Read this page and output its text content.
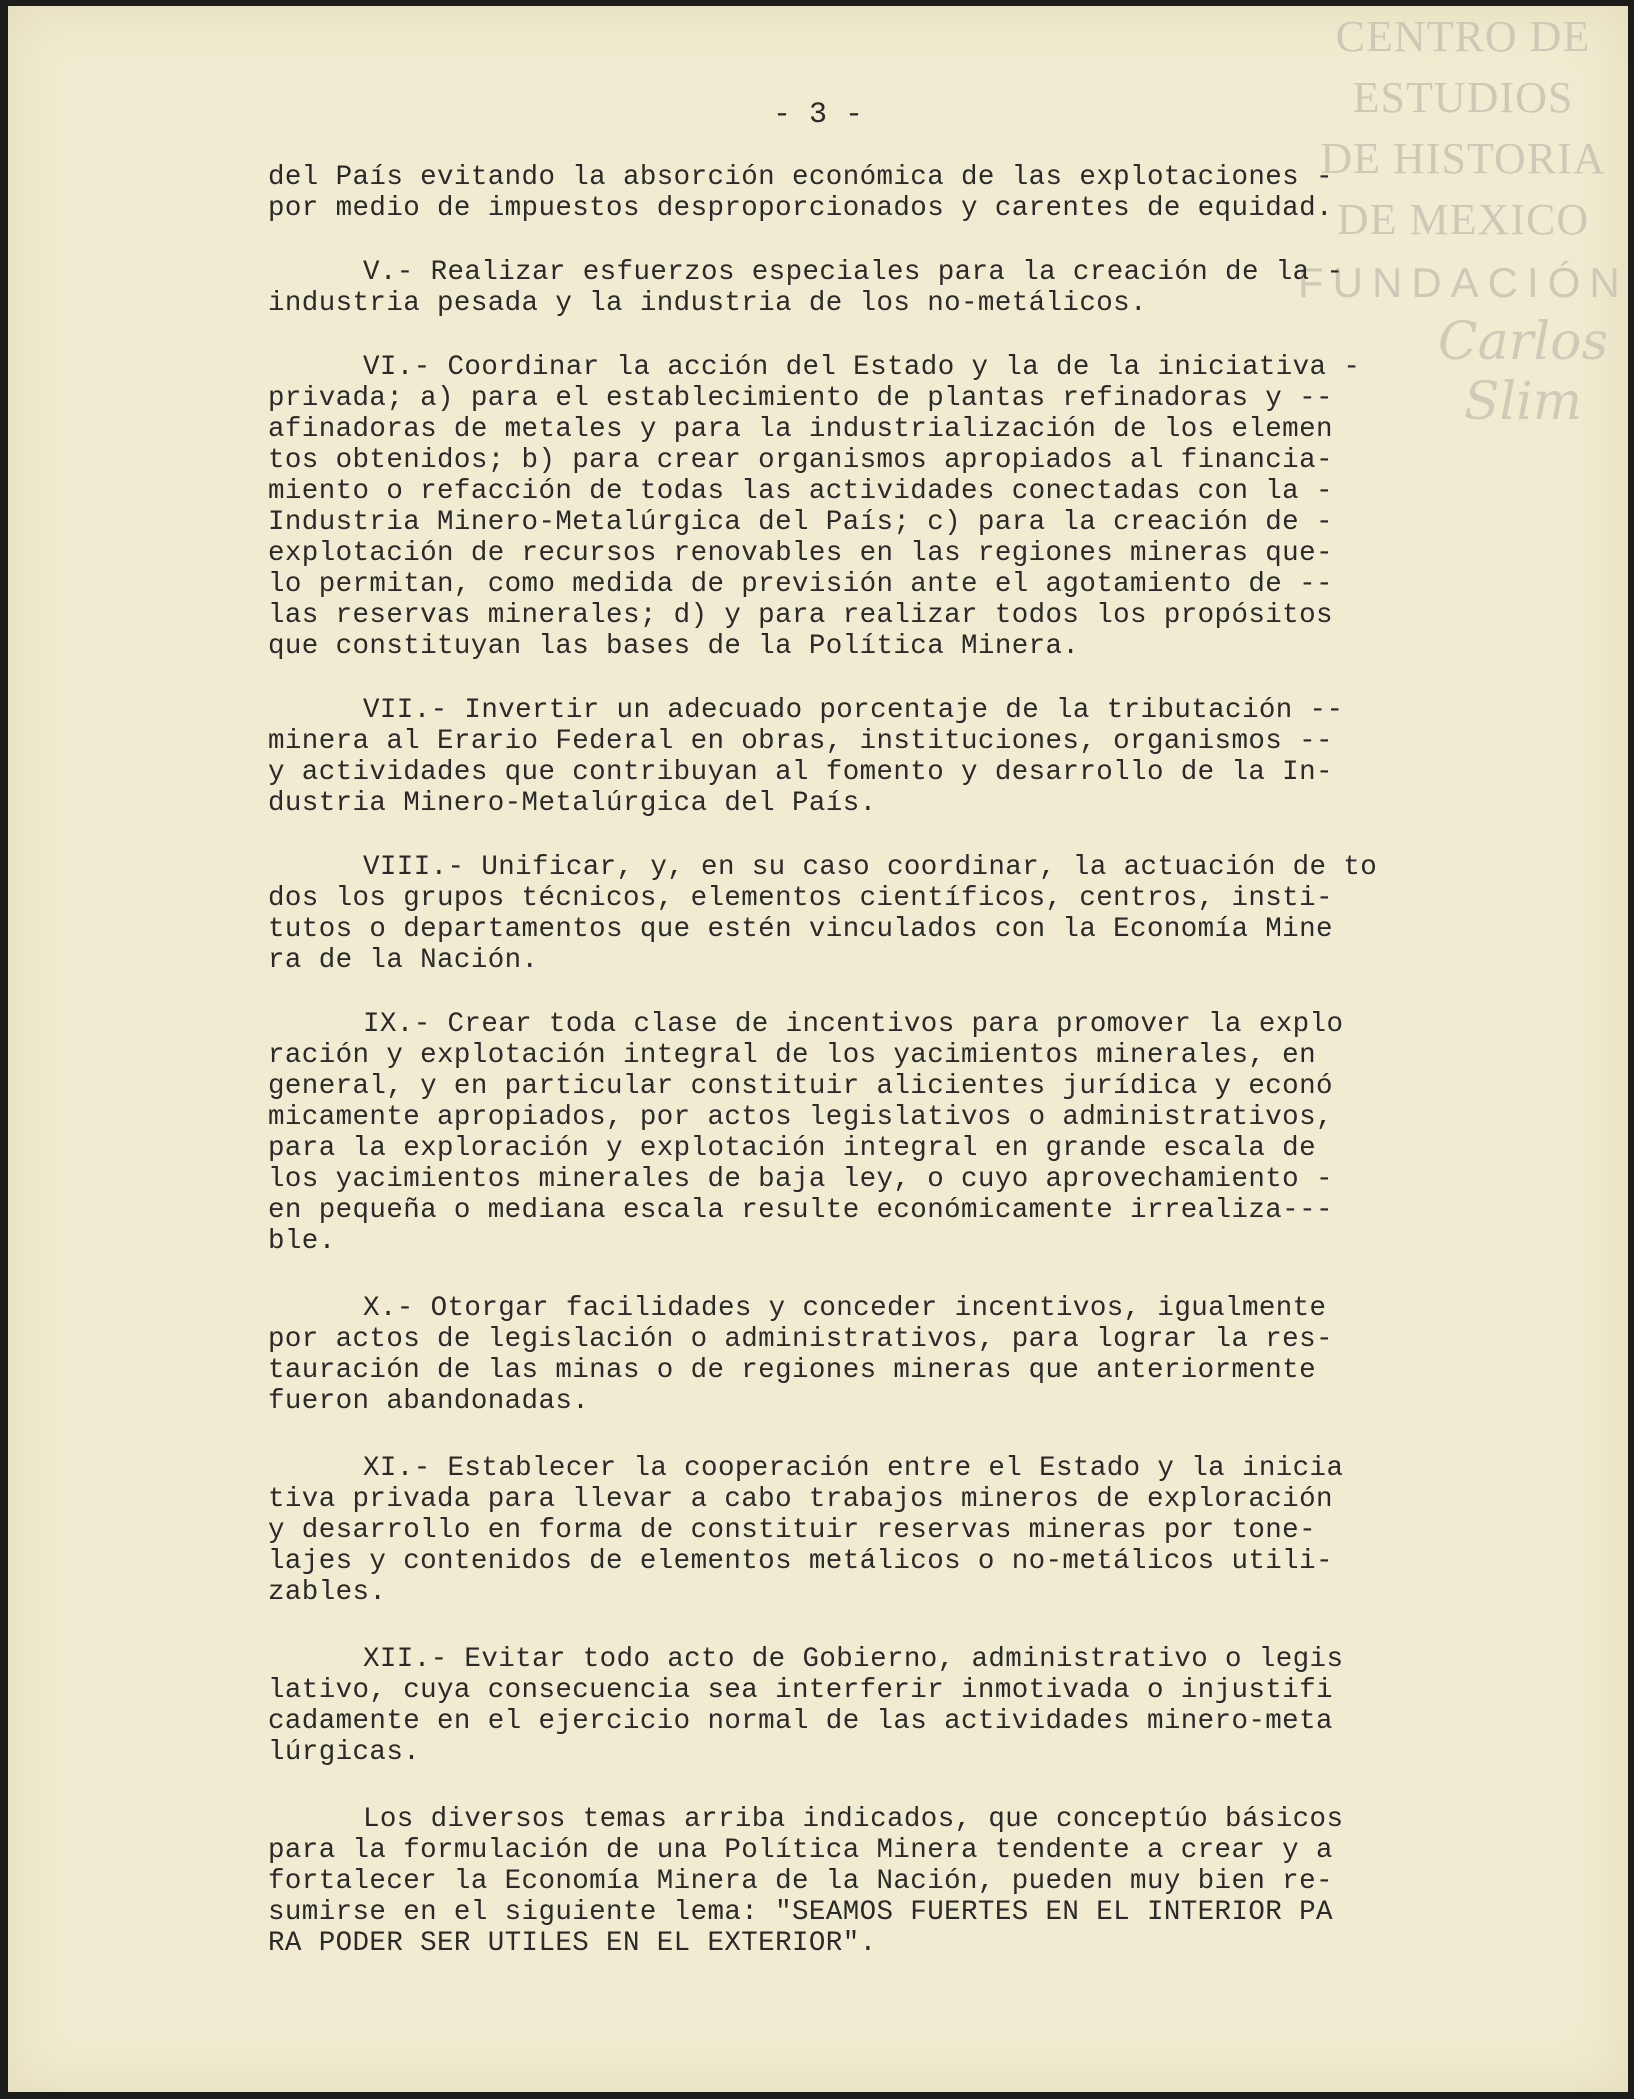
CENTRO DE
ESTUDIOS
DE HISTORIA
DE MEXICO
FUNDACIÓN
Carlos Slim
- 3 -
del País evitando la absorción económica de las explotaciones -
por medio de impuestos desproporcionados y carentes de equidad.
V.- Realizar esfuerzos especiales para la creación de la -
industria pesada y la industria de los no-metálicos.
VI.- Coordinar la acción del Estado y la de la iniciativa -
privada; a) para el establecimiento de plantas refinadoras y --
afinadoras de metales y para la industrialización de los elemen
tos obtenidos; b) para crear organismos apropiados al financia-
miento o refacción de todas las actividades conectadas con la -
Industria Minero-Metalúrgica del País; c) para la creación de -
explotación de recursos renovables en las regiones mineras que-
lo permitan, como medida de previsión ante el agotamiento de --
las reservas minerales; d) y para realizar todos los propósitos
que constituyan las bases de la Política Minera.
VII.- Invertir un adecuado porcentaje de la tributación --
minera al Erario Federal en obras, instituciones, organismos --
y actividades que contribuyan al fomento y desarrollo de la In-
dustria Minero-Metalúrgica del País.
VIII.- Unificar, y, en su caso coordinar, la actuación de to
dos los grupos técnicos, elementos científicos, centros, insti-
tutos o departamentos que estén vinculados con la Economía Mine
ra de la Nación.
IX.- Crear toda clase de incentivos para promover la explo
ración y explotación integral de los yacimientos minerales, en
general, y en particular constituir alicientes jurídica y econó
micamente apropiados, por actos legislativos o administrativos,
para la exploración y explotación integral en grande escala de
los yacimientos minerales de baja ley, o cuyo aprovechamiento -
en pequeña o mediana escala resulte económicamente irrealiza---
ble.
X.- Otorgar facilidades y conceder incentivos, igualmente
por actos de legislación o administrativos, para lograr la res-
tauración de las minas o de regiones mineras que anteriormente
fueron abandonadas.
XI.- Establecer la cooperación entre el Estado y la inicia
tiva privada para llevar a cabo trabajos mineros de exploración
y desarrollo en forma de constituir reservas mineras por tone-
lajes y contenidos de elementos metálicos o no-metálicos utili-
zables.
XII.- Evitar todo acto de Gobierno, administrativo o legis
lativo, cuya consecuencia sea interferir inmotivada o injustifi
cadamente en el ejercicio normal de las actividades minero-meta
lúrgicas.
Los diversos temas arriba indicados, que conceptúo básicos
para la formulación de una Política Minera tendente a crear y a
fortalecer la Economía Minera de la Nación, pueden muy bien re-
sumirse en el siguiente lema: "SEAMOS FUERTES EN EL INTERIOR PA
RA PODER SER UTILES EN EL EXTERIOR".
